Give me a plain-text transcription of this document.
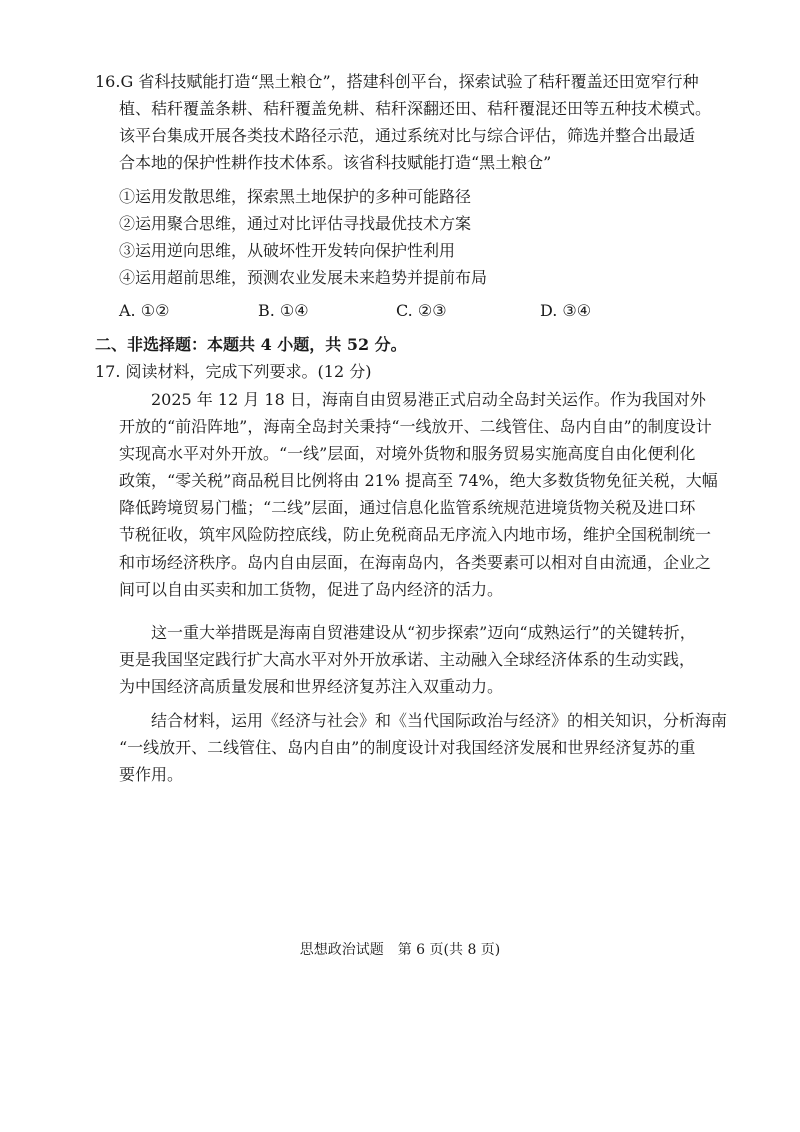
16.G 省科技赋能打造“黑土粮仓”，搭建科创平台，探索试验了秸秆覆盖还田宽窄行种
植、秸秆覆盖条耕、秸秆覆盖免耕、秸秆深翻还田、秸秆覆混还田等五种技术模式。
该平台集成开展各类技术路径示范，通过系统对比与综合评估，筛选并整合出最适
合本地的保护性耕作技术体系。该省科技赋能打造“黑土粮仓”
①运用发散思维，探索黑土地保护的多种可能路径
②运用聚合思维，通过对比评估寻找最优技术方案
③运用逆向思维，从破坏性开发转向保护性利用
④运用超前思维，预测农业发展未来趋势并提前布局
A. ①②	B. ①④	C. ②③	D. ③④
二、非选择题：本题共 4 小题，共 52 分。
17. 阅读材料，完成下列要求。(12 分)
2025 年 12 月 18 日，海南自由贸易港正式启动全岛封关运作。作为我国对外
开放的“前沿阵地”，海南全岛封关秉持“一线放开、二线管住、岛内自由”的制度设计
实现高水平对外开放。“一线”层面，对境外货物和服务贸易实施高度自由化便利化
政策，“零关税”商品税目比例将由 21% 提高至 74%，绝大多数货物免征关税，大幅
降低跨境贸易门槛；“二线”层面，通过信息化监管系统规范进境货物关税及进口环
节税征收，筑牢风险防控底线，防止免税商品无序流入内地市场，维护全国税制统一
和市场经济秩序。岛内自由层面，在海南岛内，各类要素可以相对自由流通，企业之
间可以自由买卖和加工货物，促进了岛内经济的活力。
这一重大举措既是海南自贸港建设从“初步探索”迈向“成熟运行”的关键转折，
更是我国坚定践行扩大高水平对外开放承诺、主动融入全球经济体系的生动实践，
为中国经济高质量发展和世界经济复苏注入双重动力。
结合材料，运用《经济与社会》和《当代国际政治与经济》的相关知识，分析海南
“一线放开、二线管住、岛内自由”的制度设计对我国经济发展和世界经济复苏的重
要作用。
思想政治试题　第 6 页(共 8 页)
